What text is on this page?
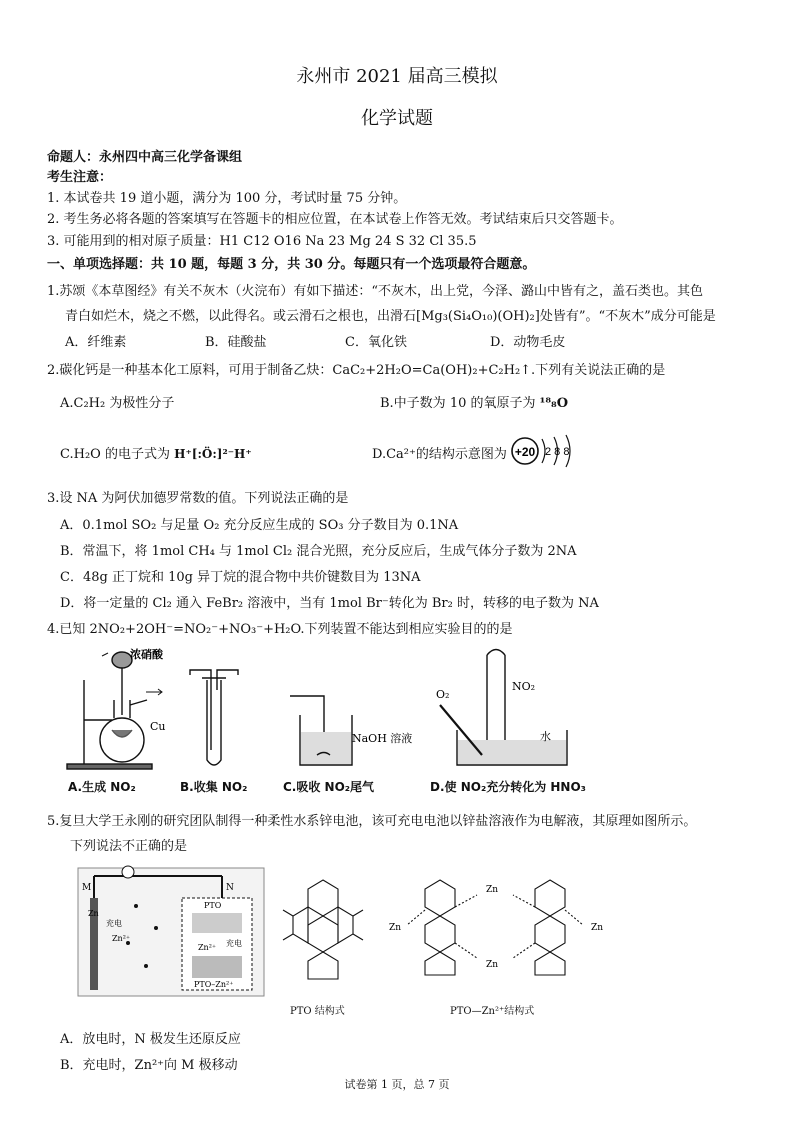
永州市 2021 届高三模拟
化学试题
命题人：永州四中高三化学备课组
考生注意：
1. 本试卷共 19 道小题，满分为 100 分，考试时量 75 分钟。
2. 考生务必将各题的答案填写在答题卡的相应位置，在本试卷上作答无效。考试结束后只交答题卡。
3. 可能用到的相对原子质量：H1 C12 O16 Na 23 Mg 24 S 32 Cl 35.5
一、单项选择题：共 10 题，每题 3 分，共 30 分。每题只有一个选项最符合题意。
1.苏颂《本草图经》有关不灰木（火浣布）有如下描述：“不灰木，出上党，今泽、潞山中皆有之，盖石类也。其色
青白如烂木，烧之不燃，以此得名。或云滑石之根也，出滑石[Mg₃(Si₄O₁₀)(OH)₂]处皆有”。“不灰木”成分可能是
A．纤维素	B．硅酸盐	C．氧化铁	D．动物毛皮
2.碳化钙是一种基本化工原料，可用于制备乙炔：CaC₂+2H₂O=Ca(OH)₂+C₂H₂↑.下列有关说法正确的是
A.C₂H₂ 为极性分子	B.中子数为 10 的氧原子为 ¹⁸₈O
C.H₂O 的电子式为 H⁺[:Ö:]²⁻H⁺	D.Ca²⁺的结构示意图为 +20 2 8 8
3.设 NA 为阿伏加德罗常数的值。下列说法正确的是
A．0.1mol SO₂ 与足量 O₂ 充分反应生成的 SO₃ 分子数目为 0.1NA
B．常温下，将 1mol CH₄ 与 1mol Cl₂ 混合光照，充分反应后，生成气体分子数为 2NA
C．48g 正丁烷和 10g 异丁烷的混合物中共价键数目为 13NA
D．将一定量的 Cl₂ 通入 FeBr₂ 溶液中，当有 1mol Br⁻转化为 Br₂ 时，转移的电子数为 NA
4.已知 2NO₂+2OH⁻=NO₂⁻+NO₃⁻+H₂O.下列装置不能达到相应实验目的的是
浓硝酸
Cu
NaOH 溶液
O₂
NO₂
水
A.生成 NO₂	B.收集 NO₂	C.吸收 NO₂尾气	D.使 NO₂充分转化为 HNO₃
5.复旦大学王永刚的研究团队制得一种柔性水系锌电池，该可充电电池以锌盐溶液作为电解液，其原理如图所示。
下列说法不正确的是
M	N
Zn
充电
Zn²⁺
PTO
充电
Zn²⁺
PTO–Zn²⁺
Zn
Zn
Zn	Zn
PTO 结构式	PTO—Zn²⁺结构式
A．放电时，N 极发生还原反应
B．充电时，Zn²⁺向 M 极移动
试卷第 1 页，总 7 页
